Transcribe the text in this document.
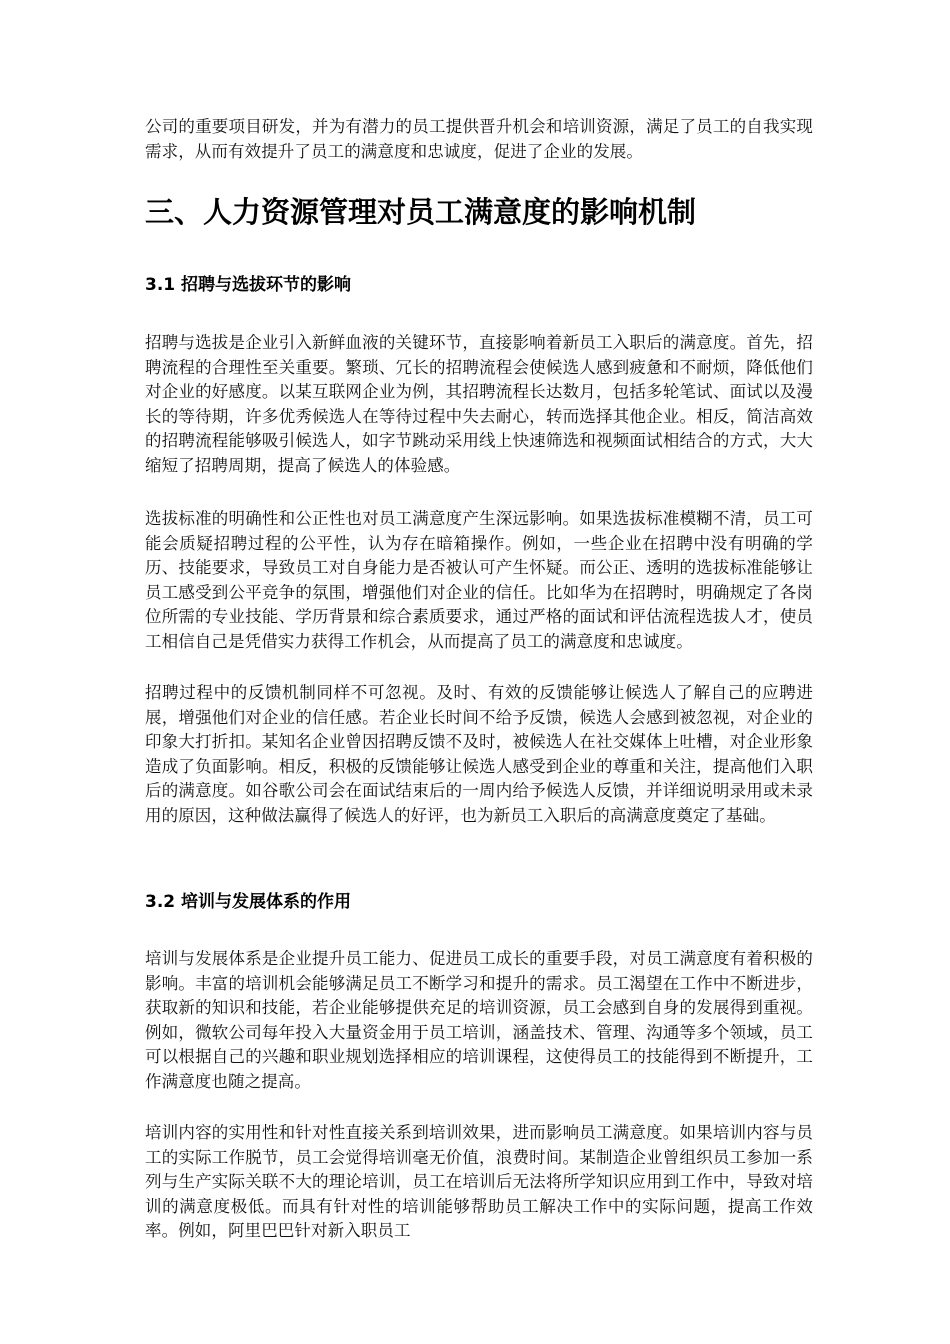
公司的重要项目研发，并为有潜力的员工提供晋升机会和培训资源，满足了员工的自我实现需求，从而有效提升了员工的满意度和忠诚度，促进了企业的发展。

三、人力资源管理对员工满意度的影响机制
3.1 招聘与选拔环节的影响

招聘与选拔是企业引入新鲜血液的关键环节，直接影响着新员工入职后的满意度。首先，招聘流程的合理性至关重要。繁琐、冗长的招聘流程会使候选人感到疲惫和不耐烦，降低他们对企业的好感度。以某互联网企业为例，其招聘流程长达数月，包括多轮笔试、面试以及漫长的等待期，许多优秀候选人在等待过程中失去耐心，转而选择其他企业。相反，简洁高效的招聘流程能够吸引候选人，如字节跳动采用线上快速筛选和视频面试相结合的方式，大大缩短了招聘周期，提高了候选人的体验感。

选拔标准的明确性和公正性也对员工满意度产生深远影响。如果选拔标准模糊不清，员工可能会质疑招聘过程的公平性，认为存在暗箱操作。例如，一些企业在招聘中没有明确的学历、技能要求，导致员工对自身能力是否被认可产生怀疑。而公正、透明的选拔标准能够让员工感受到公平竞争的氛围，增强他们对企业的信任。比如华为在招聘时，明确规定了各岗位所需的专业技能、学历背景和综合素质要求，通过严格的面试和评估流程选拔人才，使员工相信自己是凭借实力获得工作机会，从而提高了员工的满意度和忠诚度。

招聘过程中的反馈机制同样不可忽视。及时、有效的反馈能够让候选人了解自己的应聘进展，增强他们对企业的信任感。若企业长时间不给予反馈，候选人会感到被忽视，对企业的印象大打折扣。某知名企业曾因招聘反馈不及时，被候选人在社交媒体上吐槽，对企业形象造成了负面影响。相反，积极的反馈能够让候选人感受到企业的尊重和关注，提高他们入职后的满意度。如谷歌公司会在面试结束后的一周内给予候选人反馈，并详细说明录用或未录用的原因，这种做法赢得了候选人的好评，也为新员工入职后的高满意度奠定了基础。

3.2 培训与发展体系的作用

培训与发展体系是企业提升员工能力、促进员工成长的重要手段，对员工满意度有着积极的影响。丰富的培训机会能够满足员工不断学习和提升的需求。员工渴望在工作中不断进步，获取新的知识和技能，若企业能够提供充足的培训资源，员工会感到自身的发展得到重视。例如，微软公司每年投入大量资金用于员工培训，涵盖技术、管理、沟通等多个领域，员工可以根据自己的兴趣和职业规划选择相应的培训课程，这使得员工的技能得到不断提升，工作满意度也随之提高。

培训内容的实用性和针对性直接关系到培训效果，进而影响员工满意度。如果培训内容与员工的实际工作脱节，员工会觉得培训毫无价值，浪费时间。某制造企业曾组织员工参加一系列与生产实际关联不大的理论培训，员工在培训后无法将所学知识应用到工作中，导致对培训的满意度极低。而具有针对性的培训能够帮助员工解决工作中的实际问题，提高工作效率。例如，阿里巴巴针对新入职员工
